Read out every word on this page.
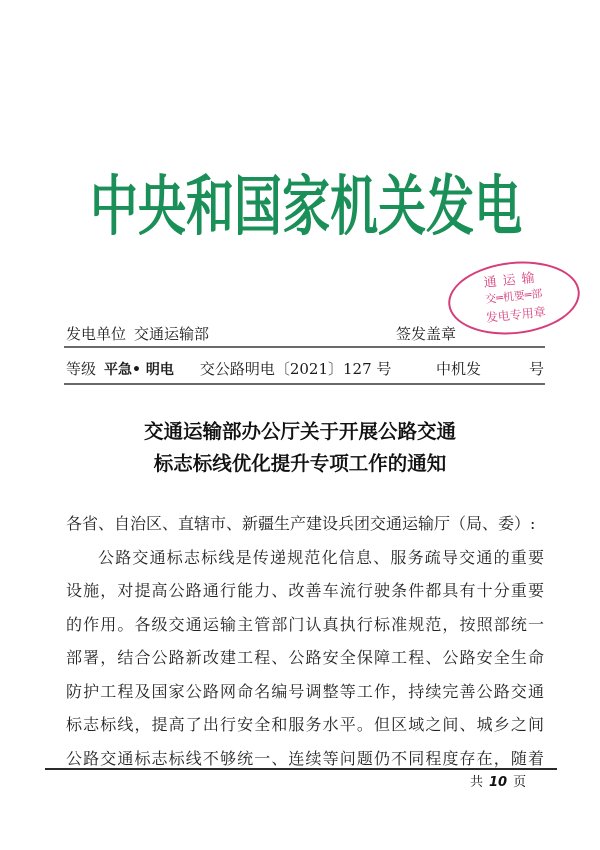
中 央 和 国 家 机 关 发 电
通运输
交═机要═部
发电专用章
发电单位 交通运输部	签发盖章
等级 平急• 明电 交公路明电〔2021〕127 号	中机发	号
交通运输部办公厅关于开展公路交通
标志标线优化提升专项工作的通知

各省、自治区、直辖市、新疆生产建设兵团交通运输厅（局、委）:

公路交通标志标线是传递规范化信息、服务疏导交通的重要

设施，对提高公路通行能力、改善车流行驶条件都具有十分重要

的作用。各级交通运输主管部门认真执行标准规范，按照部统一

部署，结合公路新改建工程、公路安全保障工程、公路安全生命

防护工程及国家公路网命名编号调整等工作，持续完善公路交通

标志标线，提高了出行安全和服务水平。但区域之间、城乡之间

公路交通标志标线不够统一、连续等问题仍不同程度存在，随着

共 10 页
